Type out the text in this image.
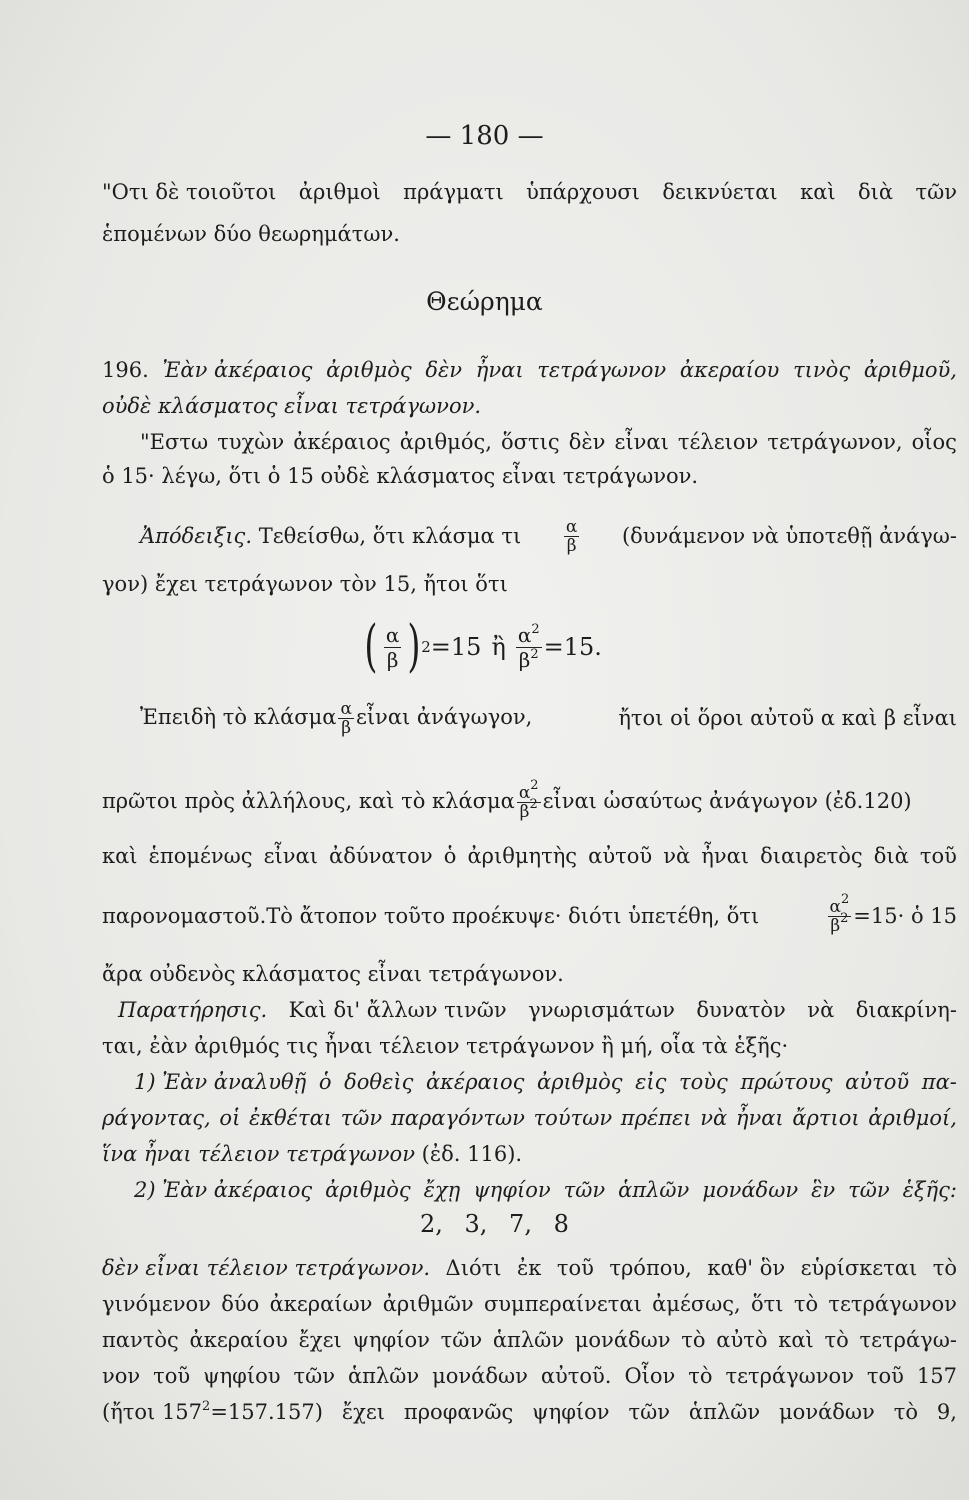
— 180 —
"Οτι δὲ τοιοῦτοι ἀριθμοὶ πράγματι ὑπάρχουσι δεικνύεται καὶ διὰ τῶν
ἑπομένων δύο θεωρημάτων.
Θεώρημα
196. Ἐὰν ἀκέραιος ἀριθμὸς δὲν ἦναι τετράγωνον ἀκεραίου τινὸς ἀριθμοῦ,
οὐδὲ κλάσματος εἶναι τετράγωνον.
"Εστω τυχὼν ἀκέραιος ἀριθμός, ὅστις δὲν εἶναι τέλειον τετράγωνον, οἷος
ὁ 15· λέγω, ὅτι ὁ 15 οὐδὲ κλάσματος εἶναι τετράγωνον.
Ἀπόδειξις. Τεθείσθω, ὅτι κλάσμα τι	$\frac{\alpha}{\beta} (\delta\upsilon\nu ά\mu\varepsilon\nu o\nu$ νὰ ὑποτεθῇ ἀνάγω-
γον) ἔχει τετράγωνον τὸν 15, ἤτοι ὅτι
( $\frac{\alpha}{\beta}$ ) 2 =15 ἢ $\frac{\alpha^2}{\beta^2} =15$.
Ἐπειδὴ τὸ κλάσμα $\frac{\alpha}{\beta}$ εἶναι ἀνάγωγον,	ἤτοι οἱ ὅροι αὐτοῦ α καὶ β εἶναι
πρῶτοι πρὸς ἀλλήλους, καὶ τὸ κλάσμα $\frac{\alpha^2}{\beta^2}$ εἶναι ὡσαύτως ἀνάγωγον (ἐδ.120)
καὶ ἑπομένως εἶναι ἀδύνατον ὁ ἀριθμητὴς αὐτοῦ νὰ ἦναι διαιρετὸς διὰ τοῦ
παρονομαστοῦ.Τὸ ἄτοπον τοῦτο προέκυψε· διότι ὑπετέθη, ὅτι	$\frac{\alpha^2}{\beta^2} =15\cdot$ ὁ 15
ἄρα οὐδενὸς κλάσματος εἶναι τετράγωνον.
Παρατήρησις. Καὶ δι' ἄλλων τινῶν γνωρισμάτων δυνατὸν νὰ διακρίνη-
ται, ἐὰν ἀριθμός τις ἦναι τέλειον τετράγωνον ἢ μή, οἷα τὰ ἑξῆς·
1) Ἐὰν ἀναλυθῇ ὁ δοθεὶς ἀκέραιος ἀριθμὸς εἰς τοὺς πρώτους αὐτοῦ πα-
ράγοντας, οἱ ἐκθέται τῶν παραγόντων τούτων πρέπει νὰ ἦναι ἄρτιοι ἀριθμοί,
ἵνα ἦναι τέλειον τετράγωνον (ἐδ. 116).
2) Ἐὰν ἀκέραιος ἀριθμὸς ἔχῃ ψηφίον τῶν ἁπλῶν μονάδων ἓν τῶν ἑξῆς:
2, 3, 7, 8
δὲν εἶναι τέλειον τετράγωνον. Διότι ἐκ τοῦ τρόπου, καθ' ὃν εὑρίσκεται τὸ
γινόμενον δύο ἀκεραίων ἀριθμῶν συμπεραίνεται ἀμέσως, ὅτι τὸ τετράγωνον
παντὸς ἀκεραίου ἔχει ψηφίον τῶν ἁπλῶν μονάδων τὸ αὐτὸ καὶ τὸ τετράγω-
νον τοῦ ψηφίου τῶν ἁπλῶν μονάδων αὐτοῦ. Οἷον τὸ τετράγωνον τοῦ 157
(ἤτοι $157^2=157.157$) ἔχει προφανῶς ψηφίον τῶν ἁπλῶν μονάδων τὸ 9,
